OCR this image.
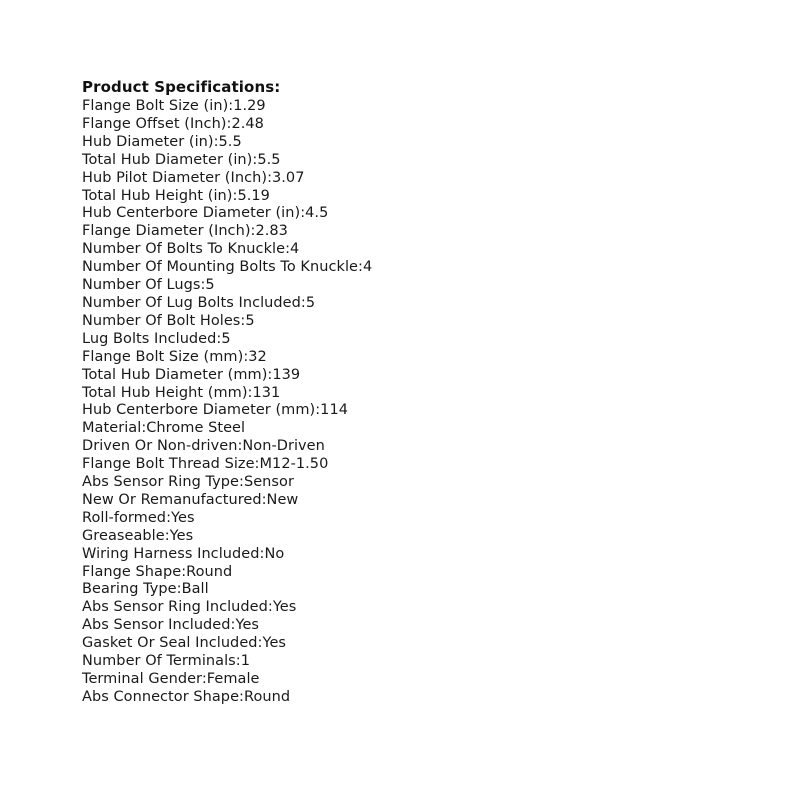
Product Specifications:
Flange Bolt Size (in):1.29
Flange Offset (Inch):2.48
Hub Diameter (in):5.5
Total Hub Diameter (in):5.5
Hub Pilot Diameter (Inch):3.07
Total Hub Height (in):5.19
Hub Centerbore Diameter (in):4.5
Flange Diameter (Inch):2.83
Number Of Bolts To Knuckle:4
Number Of Mounting Bolts To Knuckle:4
Number Of Lugs:5
Number Of Lug Bolts Included:5
Number Of Bolt Holes:5
Lug Bolts Included:5
Flange Bolt Size (mm):32
Total Hub Diameter (mm):139
Total Hub Height (mm):131
Hub Centerbore Diameter (mm):114
Material:Chrome Steel
Driven Or Non-driven:Non-Driven
Flange Bolt Thread Size:M12-1.50
Abs Sensor Ring Type:Sensor
New Or Remanufactured:New
Roll-formed:Yes
Greaseable:Yes
Wiring Harness Included:No
Flange Shape:Round
Bearing Type:Ball
Abs Sensor Ring Included:Yes
Abs Sensor Included:Yes
Gasket Or Seal Included:Yes
Number Of Terminals:1
Terminal Gender:Female
Abs Connector Shape:Round
